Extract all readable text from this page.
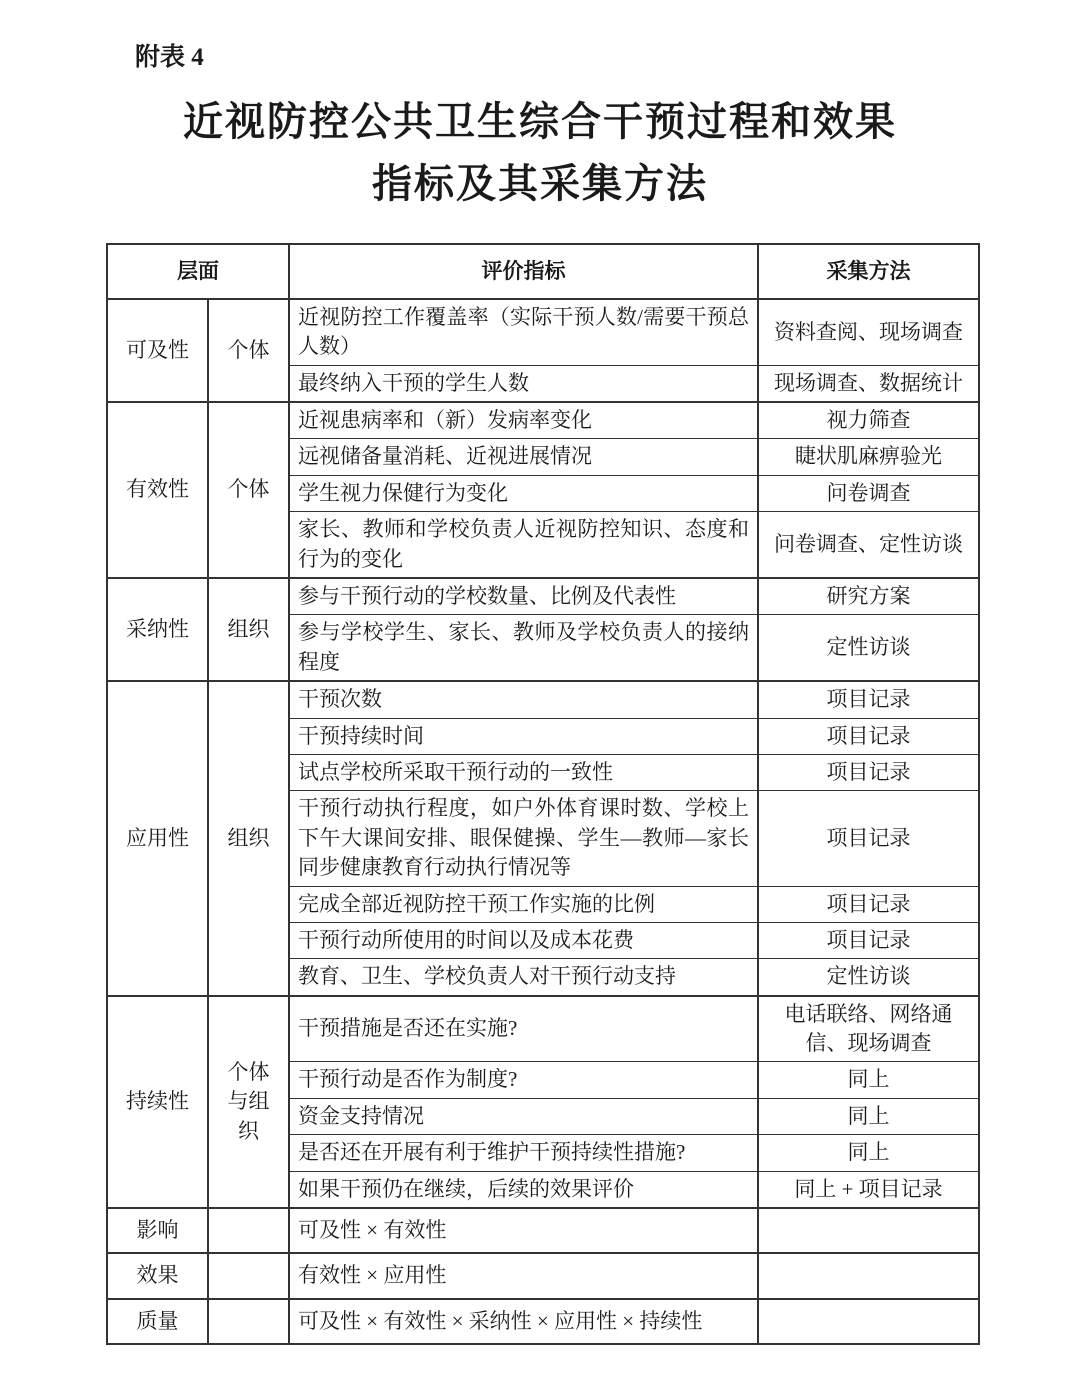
附表 4
近视防控公共卫生综合干预过程和效果
指标及其采集方法
层面		评价指标	采集方法
可及性	个体	近视防控工作覆盖率（实际干预人数/需要干预总人数）	资料查阅、现场调查
		最终纳入干预的学生人数	现场调查、数据统计
有效性	个体	近视患病率和（新）发病率变化	视力筛查
		远视储备量消耗、近视进展情况	睫状肌麻痹验光
		学生视力保健行为变化	问卷调查
		家长、教师和学校负责人近视防控知识、态度和行为的变化	问卷调查、定性访谈
采纳性	组织	参与干预行动的学校数量、比例及代表性	研究方案
		参与学校学生、家长、教师及学校负责人的接纳程度	定性访谈
应用性	组织	干预次数	项目记录
		干预持续时间	项目记录
		试点学校所采取干预行动的一致性	项目记录
		干预行动执行程度，如户外体育课时数、学校上下午大课间安排、眼保健操、学生—教师—家长同步健康教育行动执行情况等	项目记录
		完成全部近视防控干预工作实施的比例	项目记录
		干预行动所使用的时间以及成本花费	项目记录
		教育、卫生、学校负责人对干预行动支持	定性访谈
持续性	个体与组织	干预措施是否还在实施?	电话联络、网络通信、现场调查
		干预行动是否作为制度?	同上
		资金支持情况	同上
		是否还在开展有利于维护干预持续性措施?	同上
		如果干预仍在继续，后续的效果评价	同上 + 项目记录
影响		可及性 × 有效性	
效果		有效性 × 应用性	
质量		可及性 × 有效性 × 采纳性 × 应用性 × 持续性	
